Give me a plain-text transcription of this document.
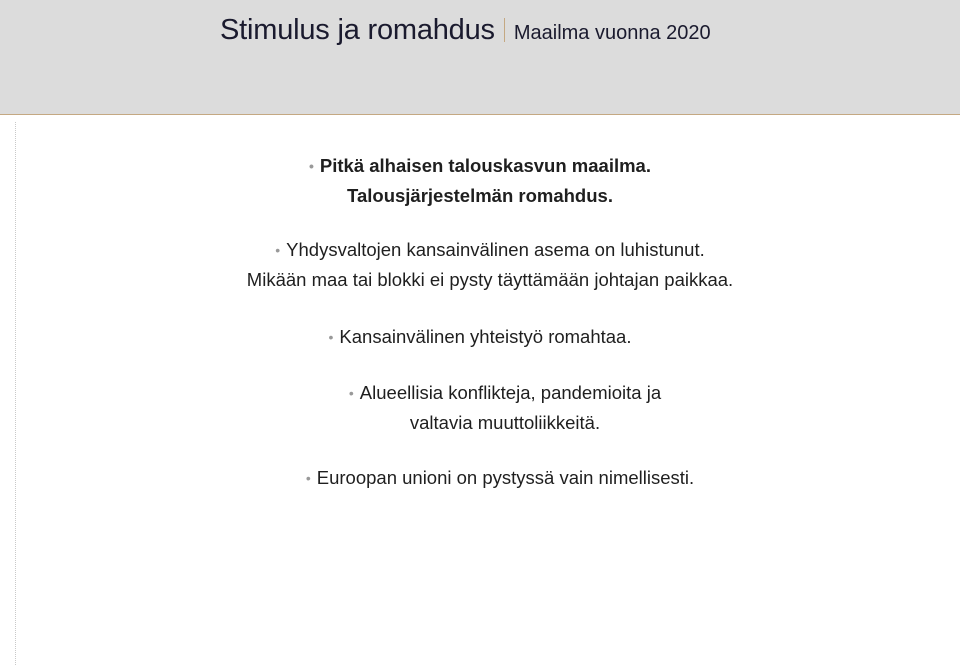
Stimulus ja romahdus Maailma vuonna 2020
• Pitkä alhaisen talouskasvun maailma.
Talousjärjestelmän romahdus.
• Yhdysvaltojen kansainvälinen asema on luhistunut.
Mikään maa tai blokki ei pysty täyttämään johtajan paikkaa.
• Kansainvälinen yhteistyö romahtaa.
• Alueellisia konflikteja, pandemioita ja
valtavia muuttoliikkeitä.
• Euroopan unioni on pystyssä vain nimellisesti.
